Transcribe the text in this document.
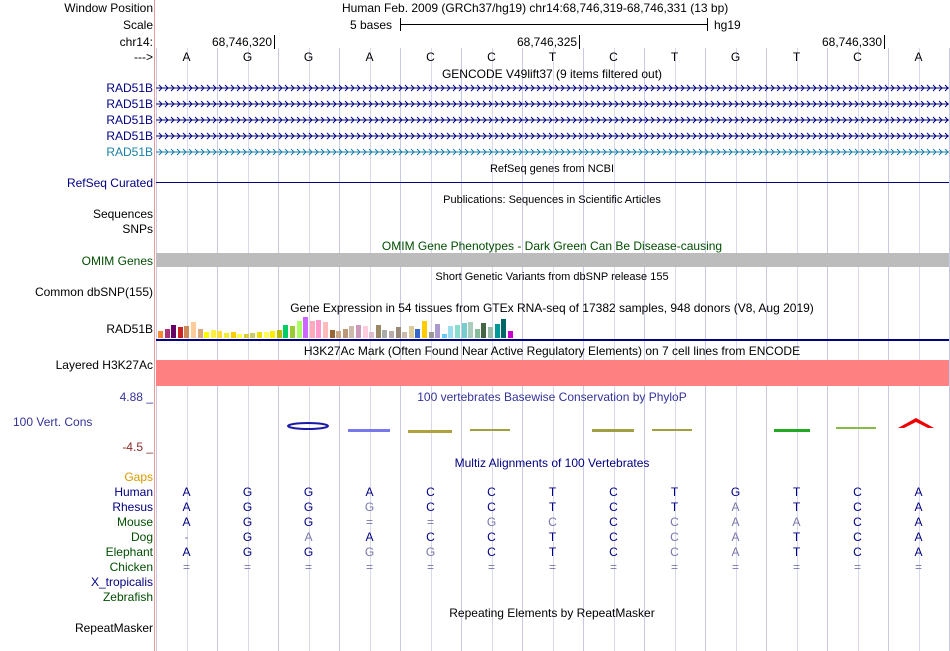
Window Position	Human Feb. 2009 (GRCh37/hg19) chr14:68,746,319-68,746,331 (13 bp)
Scale	5 bases	hg19
chr14:	68,746,320	68,746,325	68,746,330
--->	A	G	G	A	C	C	T	C	T	G	T	C	A
GENCODE V49lift37 (9 items filtered out)
RAD51B
RAD51B
RAD51B
RAD51B
RAD51B
RefSeq genes from NCBI
RefSeq Curated
Publications: Sequences in Scientific Articles
Sequences
SNPs
OMIM Gene Phenotypes - Dark Green Can Be Disease-causing
OMIM Genes
Short Genetic Variants from dbSNP release 155
Common dbSNP(155)
Gene Expression in 54 tissues from GTEx RNA-seq of 17382 samples, 948 donors (V8, Aug 2019)
RAD51B
H3K27Ac Mark (Often Found Near Active Regulatory Elements) on 7 cell lines from ENCODE
Layered H3K27Ac
100 vertebrates Basewise Conservation by PhyloP
4.88 _
100 Vert. Cons
-4.5 _
Multiz Alignments of 100 Vertebrates
Gaps
Human	A	G	G	A	C	C	T	C	T	G	T	C	A
Rhesus	A	G	G	G	C	C	T	C	T	A	T	C	A
Mouse	A	G	G	=	=	G	C	C	C	A	A	C	A
Dog	-	G	A	A	C	C	T	C	C	A	T	C	A
Elephant	A	G	G	G	G	C	T	C	C	A	T	C	A
Chicken	=	=	=	=	=	=	=	=	=	=	=	=	=
X_tropicalis
Zebrafish
Repeating Elements by RepeatMasker
RepeatMasker
